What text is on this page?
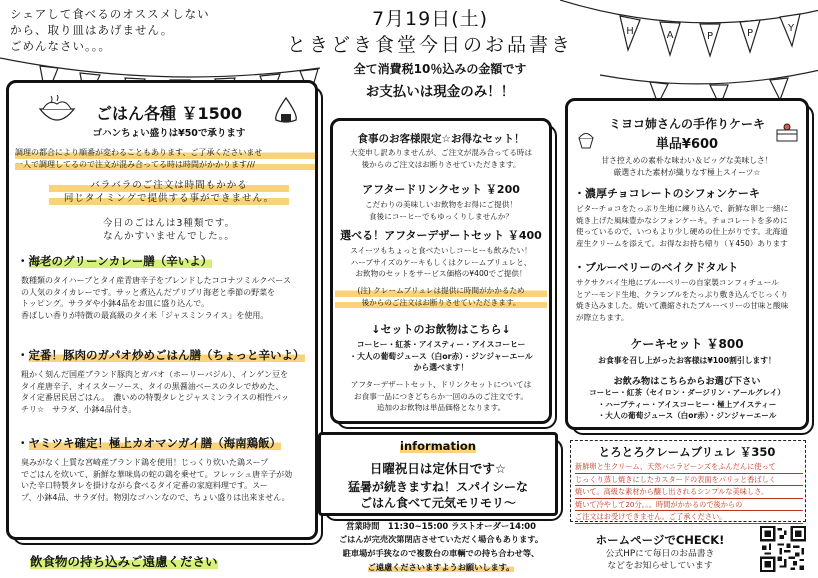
H	A	P	P	Y
シェアして食べるのオススメしない
から、取り皿はあげません。
ごめんなさい。。。
7月19日(土)
ときどき食堂今日のお品書き
全て消費税10％込みの金額です
お支払いは現金のみ！！
ごはん各種 ￥1500
ゴハンちょい盛りは¥50で承ります
調理の都合により順番が変わることもあります、ご了承くださいませ
一人で調理してるので注文が混み合ってる時は時間がかかります///
バラバラのご注文は時間もかかる
同じタイミングで提供する事ができません。
今日のごはんは3種類です。
なんかすいませんでした。。
・海老のグリーンカレー膳（辛いよ）
数種類のタイハーブとタイ産青唐辛子をブレンドしたココナツミルクベース
の人気のタイカレーです。サッと煮込んだプリプリ海老と季節の野菜を
トッピング。サラダや小鉢4品をお皿に盛り込んで。
香ばしい香りが特徴の最高級のタイ米「ジャスミンライス」を使用。
・定番！豚肉のガパオ炒めごはん膳（ちょっと辛いよ）
粗かく刻んだ国産ブランド豚肉とガパオ（ホーリーバジル）、インゲン豆を
タイ産唐辛子、オイスターソース、タイの黒醤油ベースのタレで炒めた、
タイ定番居民居ごはん。　濃いめの特製タレとジャスミンライスの相性バッ
チリ☆　サラダ、小鉢4品付き。
・ヤミツキ確定！極上カオマンガイ膳（海南鶏飯）
臭みがなく上質な宮崎産ブランド鶏を使用！じっくり炊いた鶏スープ
でごはんを炊いて、新鮮な華味鳥の蛇の鶏を乗せて。フレッシュ唐辛子が効
いた辛口特製タレを掛けながら食べるタイ定番の家庭料理です。スー
プ、小鉢4品、サラダ付。物別なゴハンなので、ちょい盛りは出来ません。
飲食物の持ち込みご遠慮ください
食事のお客様限定☆お得なセット！
大変申し訳ありませんが、ご注文が混み合ってる時は
後からのご注文はお断りさせていただきます。
アフタードリンクセット ￥200
こだわりの美味しいお飲物をお得にご提供！
食後にコーヒーでもゆっくりしませんか？
選べる！アフターデザートセット ￥400
スイーツもちょっと食べたいしコーヒーも飲みたい！
ハーブサイズのケーキもしくはクレームブリュレと、
お飲物のセットをサービス価格の¥400でご提供！
(注) クレームブリュレは提供に時間がかかるため
後からのご注文はお断りさせていただきます。
↓セットのお飲物はこちら↓
コーヒー・紅茶・アイスティー・アイスコーヒー
・大人の葡萄ジュース（白or赤）・ジンジャーエール
から選べます！
アフターデザートセット、ドリンクセットについては
お食事一品につきどちらか一回のみのご注文です。
追加のお飲物は単品価格となります。
information
日曜祝日は定休日です☆
猛暑が続きますね！スパイシーな
ごはん食べて元気モリモリ〜
営業時間　11:30~15:00 ラストオーダー14:00
ごはんが完売次第閉店させていただく場合もあります。
駐車場が手狭なので複数台の車輌での持ち合わせ等、
ご遠慮くださいますようお願いします。
ミヨコ姉さんの手作りケーキ
単品¥600
甘さ控えめの素朴な味わい＆ビッグな美味しさ！
厳選された素材が織りなす極上スイーツ☆
・濃厚チョコレートのシフォンケーキ
ビターチョコをたっぷり生地に練り込んで、新鮮な卵と一緒に
焼き上げた風味豊かなシフォンケーキ。チョコレートを多めに
使っているので、いつもより少し硬めの仕上がりです。北海道
産生クリームを添えて。お得なお持ち帰り（￥450）あります
・ブルーベリーのベイクドタルト
サクサクバイ生地にブルーベリーの自家製コンフィチュール
とアーモンド生地、クランブルをたっぷり敷き込んでじっくり
焼き込みました。焼いて濃縮されたブルーベリーの甘味と酸味
が際立ちます。
ケーキセット ￥800
お食事を召し上がったお客様は¥100割引します！
お飲み物はこちらからお選び下さい
コーヒー・紅茶（セイロン・ダージリン・アールグレイ）
・ハーブティー・アイスコーヒー・極上アイスティー
・大人の葡萄ジュース（白or赤）・ジンジャーエール
とろとろクレームブリュレ ￥350
新鮮卵と生クリーム、天然バニラビーンズをふんだんに使って
じっくり蒸し焼きにしたカスタードの表面をパリッと香ばしく
焼いて。高級な素材から醸し出されるシンプルな美味しさ。
焼いて冷やして20分。。。時間がかかるので後からの
ご注文はお受けできません。ご了承ください。
ホームページでCHECK!
公式HPにて毎日のお品書き
などをお知らせしています
